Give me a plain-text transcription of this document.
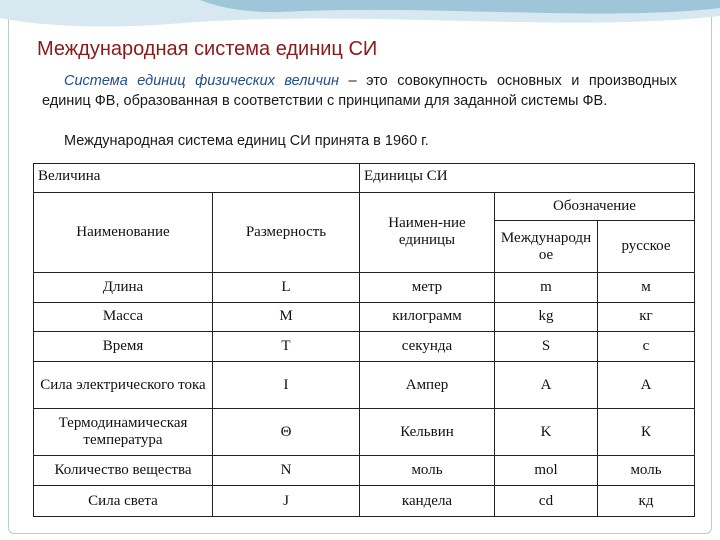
Международная система единиц СИ

Система единиц физических величин – это совокупность основных и производных единиц ФВ, образованная в соответствии с принципами для заданной системы ФВ.

Международная система единиц СИ принята в 1960 г.

Величина		Единицы СИ		
Наименование	Размерность	Наимен-ние единицы	Обозначение	
			Международное	русское
Длина	L	метр	m	м
Масса	M	килограмм	kg	кг
Время	T	секунда	S	с
Сила электрического тока	I	Ампер	A	А
Термодинамическая температура	Θ	Кельвин	K	К
Количество вещества	N	моль	mol	моль
Сила света	J	кандела	cd	кд
